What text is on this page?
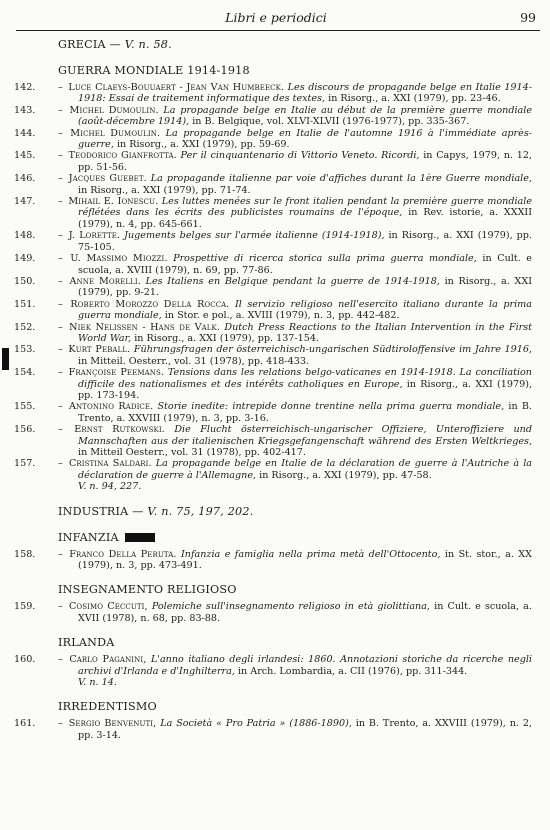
Libri e periodici	99
GRECIA — V. n. 58.
GUERRA MONDIALE 1914-1918
142.	– Luce Claeys-Bouuaert - Jean Van Humbeeck. Les discours de propagande belge en Italie 1914-1918: Essai de traitement informatique des textes, in Risorg., a. XXI (1979), pp. 23-46.
143.	– Michel Dumoulin. La propagande belge en Italie au début de la première guerre mondiale (août-décembre 1914), in B. Belgique, vol. XLVI-XLVII (1976-1977), pp. 335-367.
144.	– Michel Dumoulin. La propagande belge en Italie de l'automne 1916 à l'immédiate après-guerre, in Risorg., a. XXI (1979), pp. 59-69.
145.	– Teodorico Gianfrotta. Per il cinquantenario di Vittorio Veneto. Ricordi, in Capys, 1979, n. 12, pp. 51-56.
146.	– Jacques Guebet. La propagande italienne par voie d'affiches durant la 1ère Guerre mondiale, in Risorg., a. XXI (1979), pp. 71-74.
147.	– Mihail E. Ionescu. Les luttes menées sur le front italien pendant la première guerre mondiale réflétées dans les écrits des publicistes roumains de l'époque, in Rev. istorie, a. XXXII (1979), n. 4, pp. 645-661.
148.	– J. Lorette. Jugements belges sur l'armée italienne (1914-1918), in Risorg., a. XXI (1979), pp. 75-105.
149.	– U. Massimo Miozzi. Prospettive di ricerca storica sulla prima guerra mondiale, in Cult. e scuola, a. XVIII (1979), n. 69, pp. 77-86.
150.	– Anne Morelli. Les Italiens en Belgique pendant la guerre de 1914-1918, in Risorg., a. XXI (1979), pp. 9-21.
151.	– Roberto Morozzo Della Rocca. Il servizio religioso nell'esercito italiano durante la prima guerra mondiale, in Stor. e pol., a. XVIII (1979), n. 3, pp. 442-482.
152.	– Niek Nelissen - Hans de Valk. Dutch Press Reactions to the Italian Intervention in the First World War, in Risorg., a. XXI (1979), pp. 137-154.
153.	– Kurt Peball. Führungsfragen der österreichisch-ungarischen Südtiroloffensive im Jahre 1916, in Mitteil. Oesterr., vol. 31 (1978), pp. 418-433.
154.	– Françoise Peemans. Tensions dans les relations belgo-vaticanes en 1914-1918. La conciliation difficile des nationalismes et des intérêts catholiques en Europe, in Risorg., a. XXI (1979), pp. 173-194.
155.	– Antonino Radice. Storie inedite: intrepide donne trentine nella prima guerra mondiale, in B. Trento, a. XXVIII (1979), n. 3, pp. 3-16.
156.	– Ernst Rutkowski. Die Flucht österreichisch-ungarischer Offiziere, Unteroffiziere und Mannschaften aus der italienischen Kriegsgefangenschaft während des Ersten Weltkrieges, in Mitteil Oesterr., vol. 31 (1978), pp. 402-417.
157.	– Cristina Saldari. La propagande belge en Italie de la déclaration de guerre à l'Autriche à la déclaration de guerre à l'Allemagne, in Risorg., a. XXI (1979), pp. 47-58.
V. n. 94, 227.
INDUSTRIA — V. n. 75, 197, 202.
INFANZIA
158.	– Franco Della Peruta. Infanzia e famiglia nella prima metà dell'Ottocento, in St. stor., a. XX (1979), n. 3, pp. 473-491.
INSEGNAMENTO RELIGIOSO
159.	– Cosimo Ceccuti, Polemiche sull'insegnamento religioso in età giolittiana, in Cult. e scuola, a. XVII (1978), n. 68, pp. 83-88.
IRLANDA
160.	– Carlo Paganini, L'anno italiano degli irlandesi: 1860. Annotazioni storiche da ricerche negli archivi d'Irlanda e d'Inghilterra, in Arch. Lombardia, a. CII (1976), pp. 311-344.
V. n. 14.
IRREDENTISMO
161.	– Sergio Benvenuti, La Società « Pro Patria » (1886-1890), in B. Trento, a. XXVIII (1979), n. 2, pp. 3-14.
